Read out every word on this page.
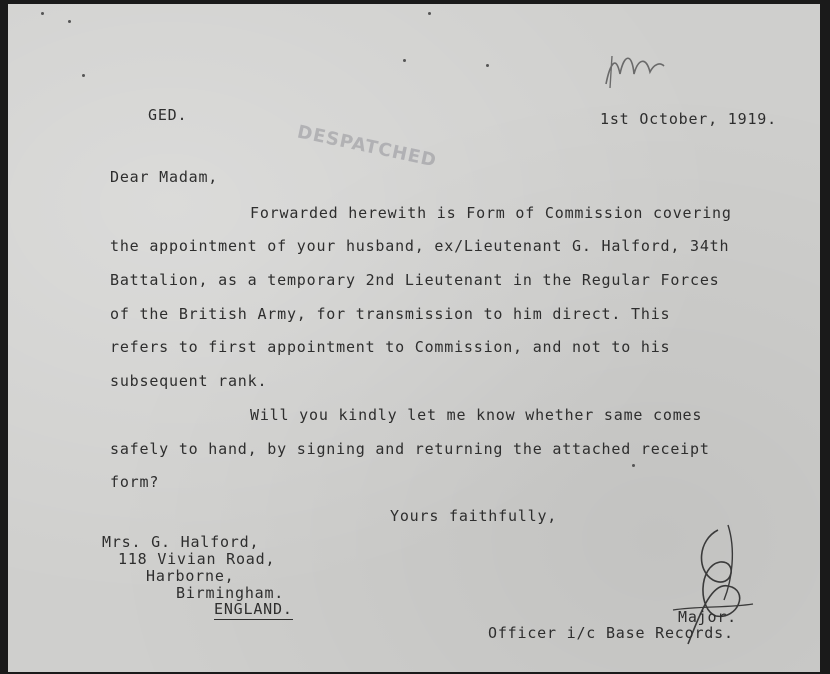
DESPATCHED
GED.	1st October, 1919.
Dear Madam,
Forwarded herewith is Form of Commission covering
the appointment of your husband, ex/Lieutenant G. Halford, 34th
Battalion, as a temporary 2nd Lieutenant in the Regular Forces
of the British Army, for transmission to him direct. This
refers to first appointment to Commission, and not to his
subsequent rank.
Will you kindly let me know whether same comes
safely to hand, by signing and returning the attached receipt
form?
Yours faithfully,
Mrs. G. Halford,
118 Vivian Road,
Harborne,
Birmingham.
ENGLAND.	Major.
Officer i/c Base Records.
